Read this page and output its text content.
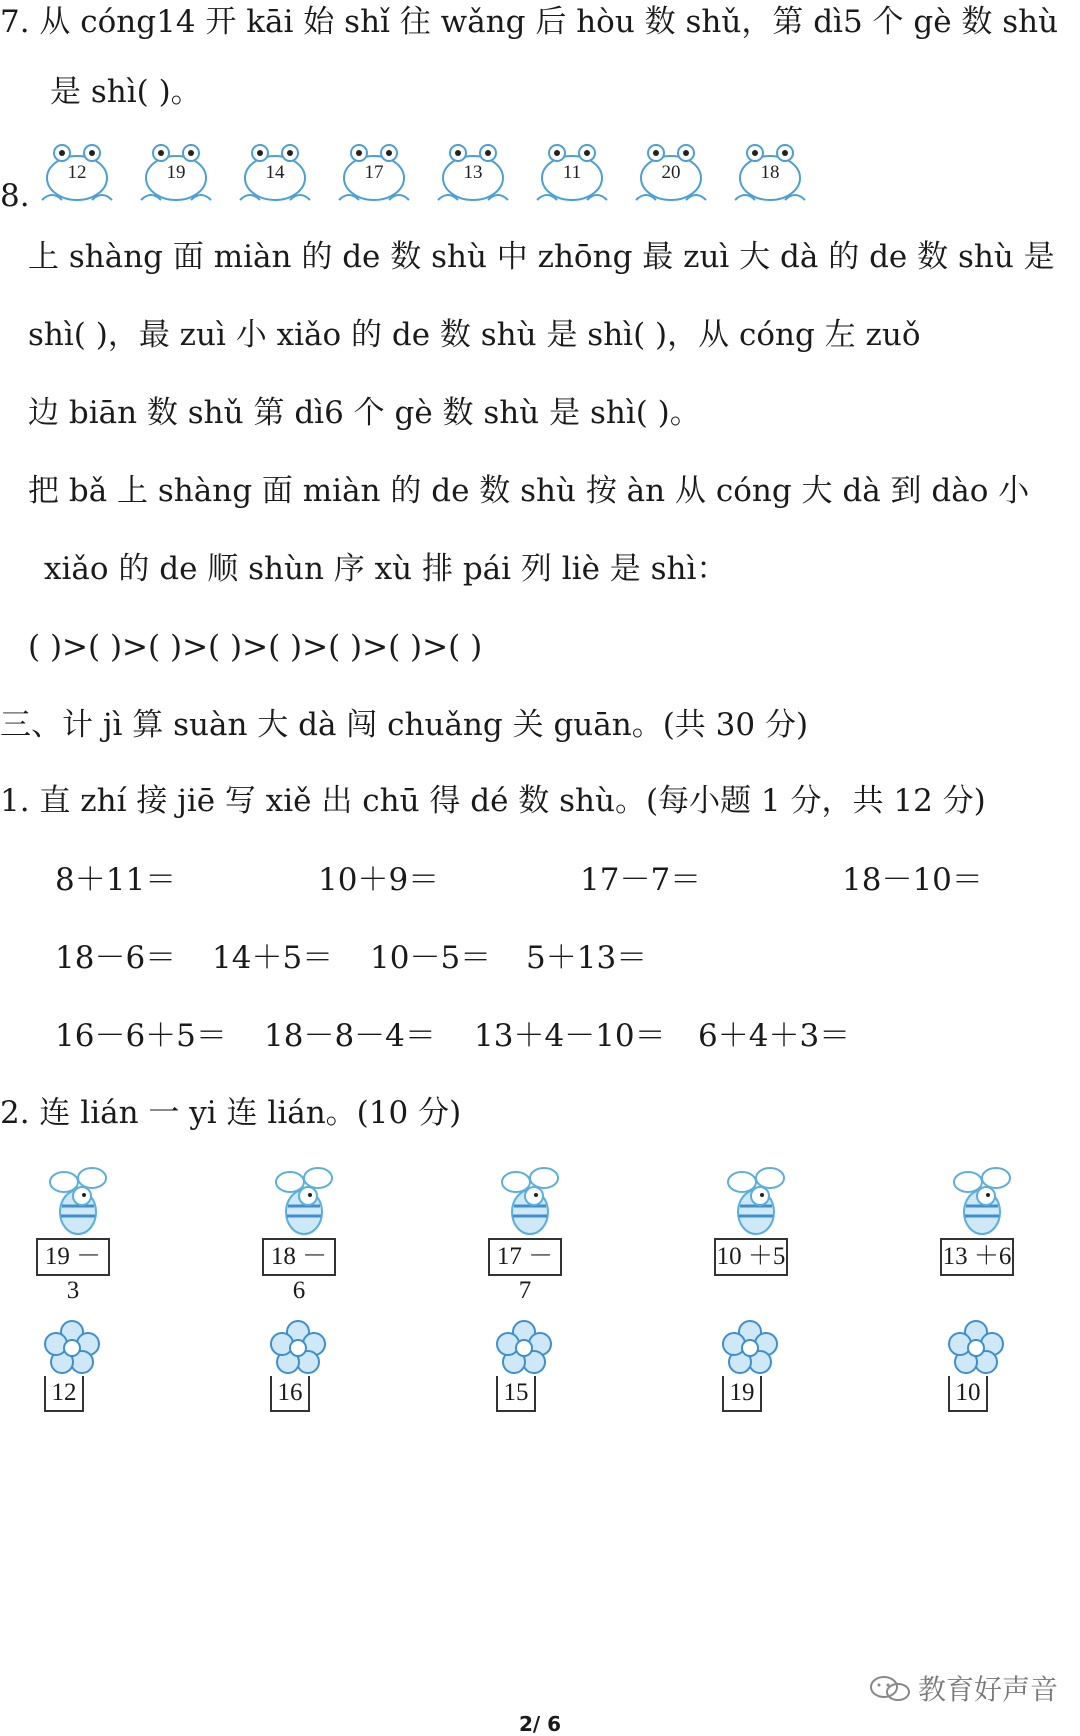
7. 从 cóng14 开 kāi 始 shǐ 往 wǎng 后 hòu 数 shǔ，第 dì5 个 gè 数 shù
是 shì( )。
8.
12	19	14	17	13	11	20	18
上 shàng 面 miàn 的 de 数 shù 中 zhōng 最 zuì 大 dà 的 de 数 shù 是
shì( )，最 zuì 小 xiǎo 的 de 数 shù 是 shì( )，从 cóng 左 zuǒ
边 biān 数 shǔ 第 dì6 个 gè 数 shù 是 shì( )。
把 bǎ 上 shàng 面 miàn 的 de 数 shù 按 àn 从 cóng 大 dà 到 dào 小
xiǎo 的 de 顺 shùn 序 xù 排 pái 列 liè 是 shì：
( )>( )>( )>( )>( )>( )>( )>( )
三、计 jì 算 suàn 大 dà 闯 chuǎng 关 guān。(共 30 分)
1. 直 zhí 接 jiē 写 xiě 出 chū 得 dé 数 shù。(每小题 1 分，共 12 分)
8＋11＝	10＋9＝	17－7＝	18－10＝
18－6＝ 14＋5＝ 10－5＝ 5＋13＝
16－6＋5＝ 18－8－4＝ 13＋4－10＝ 6＋4＋3＝
2. 连 lián 一 yi 连 lián。(10 分)
19 － 3
18 － 6
17 － 7
10 ＋5	13 ＋6
12	16	15	19	10
教育好声音
2/ 6
